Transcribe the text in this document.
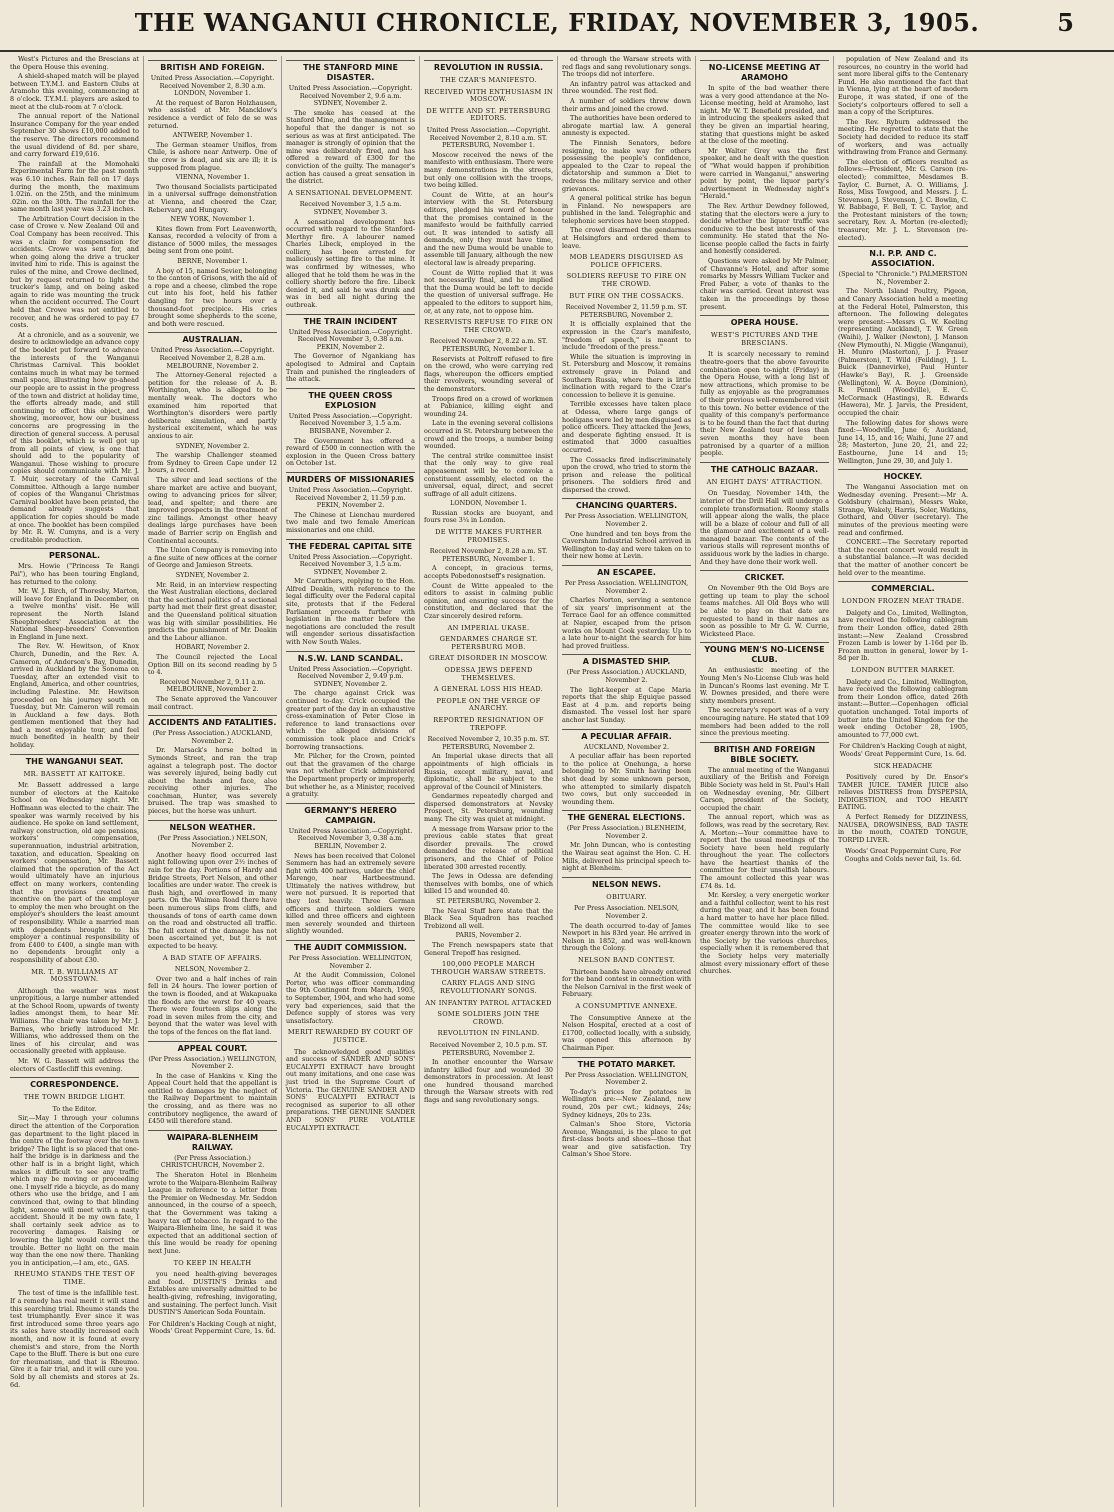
THE WANGANUI CHRONICLE, FRIDAY, NOVEMBER 3, 1905.	5

West's Pictures and the Brescians at the Opera House this evening.

A shield-shaped match will be played between T.Y.M.I. and Eastern Clubs at Aramoho this evening, commencing at 8 o'clock. T.Y.M.I. players are asked to meet at the club-room at 7 o'clock.

The annual report of the National Insurance Company for the year ended September 30 shows £10,000 added to the reserve. The directors recommend the usual dividend of 8d. per share, and carry forward £19,616.

The rainfall at the Momohaki Experimental Farm for the past month was 6.10 inches. Rain fell on 17 days during the month, the maximum 1.02in. on the 25th, and the minimum .02in. on the 30th. The rainfall for the same month last year was 3.23 inches.

The Arbitration Court decision in the case of Crowe v. New Zealand Oil and Coal Company has been received. This was a claim for compensation for accidents. Crowe was sent for, and when going along the drive a trucker invited him to ride. This is against the rules of the mine, and Crowe declined, but by request returned to light the trucker's lamp, and on being asked again to ride was mounting the truck when the accident occurred. The Court held that Crowe was not entitled to recover, and he was ordered to pay £7 costs.

At a chronicle, and as a souvenir, we desire to acknowledge an advance copy of the booklet put forward to advance the interests of the Wanganui Christmas Carnival. This booklet contains much in what may be termed small space, illustrating how go-ahead our people are to assist in the progress of the town and district at holiday time, the efforts already made, and still continuing to effect this object, and showing, moreover, how our business concerns are progressing in the direction of general success. A perusal of this booklet, which is well got up from all points of view, is one that should add to the popularity of Wanganui. Those wishing to procure copies should communicate with Mr. J. T. Muir, secretary of the Carnival Committee. Although a large number of copies of the Wanganui Christmas Carnival booklet have been printed, the demand already suggests that application for copies should be made at once. The booklet has been compiled by Mr. R. W. Cumyns, and is a very creditable production.

PERSONAL.

Mrs. Howie ("Princess Te Rangi Pai"), who has been touring England, has returned to the colony.

Mr. W. J. Birch, of Thoresby, Marton, will leave for England in December, on a twelve months' visit. He will represent the North Island Sheepbreeders' Association at the National Sheep-breeders' Convention in England in June next.

The Rev. W. Hewitson, of Knox Church, Dunedin, and the Rev. A. Cameron, of Anderson's Bay, Dunedin, arrived in Auckland by the Sonoma on Tuesday, after an extended visit to England, America, and other countries, including Palestine. Mr. Hewitson proceeded on his journey south on Tuesday, but Mr. Cameron will remain in Auckland a few days. Both gentlemen mentioned that they had had a most enjoyable tour, and feel much benefited in health by their holiday.

THE WANGANUI SEAT.
MR. BASSETT AT KAITOKE.

Mr. Bassett addressed a large number of electors at the Kaitoke School on Wednesday night. Mr. Hoffmann was elected to the chair. The speaker was warmly received by his audience. He spoke on land settlement, railway construction, old age pensions, workers' compensation, superannuation, industrial arbitration, taxation, and education. Speaking on workers' compensation, Mr. Bassett claimed that the operation of the Act would ultimately have an injurious effect on many workers, contending that the provisions created an incentive on the part of the employer to employ the men who brought on the employer's shoulders the least amount of responsibility. While a married man with dependents brought to his employer a continual responsibility of from £400 to £400, a single man with no dependents brought only a responsibility of about £30.

MR. T. B. WILLIAMS AT MOSSTOWN.

Although the weather was most unpropitious, a large number attended at the School Room, upwards of twenty ladies amongst them, to hear Mr. Williams. The chair was taken by Mr. J. Barnes, who briefly introduced Mr. Williams, who addressed them on the lines of his circular, and was occasionally greeted with applause.

Mr. W. G. Bassett will address the electors of Castlecliff this evening.

CORRESPONDENCE.
THE TOWN BRIDGE LIGHT.
To the Editor.

Sir,—May I through your columns direct the attention of the Corporation gas department to the light placed in the centre of the footway over the town bridge? The light is so placed that one-half the bridge is in darkness and the other half is in a bright light, which makes it difficult to see any traffic which may be moving or proceeding one. I myself ride a bicycle, as do many others who use the bridge, and I am convinced that, owing to that blinding light, someone will meet with a nasty accident. Should it be my own fate, I shall certainly seek advice as to recovering damages. Raising or lowering the light would correct the trouble. Better no light on the main way than the one now there. Thanking you in anticipation,—I am, etc., GAS.

RHEUMO STANDS THE TEST OF TIME.

The test of time is the infallible test. If a remedy has real merit it will stand this searching trial. Rheumo stands the test triumphantly. Ever since it was first introduced some three years ago its sales have steadily increased each month, and now it is found at every chemist's and store, from the North Cape to the Bluff. There is but one cure for rheumatism, and that is Rheumo. Give it a fair trial, and it will cure you. Sold by all chemists and stores at 2s. 6d.

BRITISH AND FOREIGN.
United Press Association.—Copyright. Received November 2, 8.30 a.m. LONDON, November 1.

At the request of Baron Holzhausen, who assisted at Mr. Mancklow's residence a verdict of felo de se was returned.

ANTWERP, November 1.

The German steamer Uniflos, from Chile, is ashore near Antwerp. One of the crew is dead, and six are ill; it is supposed from plague.

VIENNA, November 1.

Two thousand Socialists participated in a universal suffrage demonstration at Vienna, and cheered the Czar, Rebervary, and Hungary.

NEW YORK, November 1.

Kites flown from Fort Leavenworth, Kansas, recorded a velocity of from a distance of 5000 miles, the messages being sent from one point.

BERNE, November 1.

A boy of 15, named Sevier, belonging to the canton of Grisons, with the aid of a rope and a cheese, climbed the rope cut into his foot, held his father dangling for two hours over a thousand-foot precipice. His cries brought some shepherds to the scene, and both were rescued.

AUSTRALIAN.
United Press Association.—Copyright. Received November 2, 8.28 a.m. MELBOURNE, November 2.

The Attorney-General rejected a petition for the release of A. B. Worthington, who is alleged to be mentally weak. The doctors who examined him reported that Worthington's disorders were partly deliberate simulation, and partly hysterical excitement, which he was anxious to air.

SYDNEY, November 2.

The warship Challenger steamed from Sydney to Green Cape under 12 hours, a record.

The silver and lead sections of the share market are active and buoyant, owing to advancing prices for silver, lead, and spelter; and there are improved prospects in the treatment of zinc tailings. Amongst other heavy dealings large purchases have been made of Barrier scrip on English and Continental accounts.

The Union Company is removing into a fine suite of new offices at the corner of George and Jamieson Streets.

SYDNEY, November 2.

Mr. Reid, in an interview respecting the West Australian elections, declared that the sectional politics of a sectional party had met their first great disaster, and the Queensland political situation was big with similar possibilities. He predicts the punishment of Mr. Deakin and the Labour alliance.

HOBART, November 2.

The Council rejected the Local Option Bill on its second reading by 5 to 4.

Received November 2, 9.11 a.m. MELBOURNE, November 2.

The Senate approved the Vancouver mail contract.

ACCIDENTS AND FATALITIES.
(Per Press Association.) AUCKLAND, November 2.

Dr. Marsack's horse bolted in Symonds Street, and ran the trap against a telegraph post. The doctor was severely injured, being badly cut about the hands and face, also receiving other injuries. The coachman, Hunter, was severely bruised. The trap was smashed to pieces, but the horse was unhurt.

NELSON WEATHER.
(Per Press Association.) NELSON, November 2.

Another heavy flood occurred last night following upon over 2½ inches of rain for the day. Portions of Hardy and Bridge Streets, Port Nelson, and other localities are under water. The creek is flush high, and overflowed in many parts. On the Waimea Road there have been numerous slips from cliffs, and thousands of tons of earth came down on the road and obstructed all traffic. The full extent of the damage has not been ascertained yet, but it is not expected to be heavy.

A BAD STATE OF AFFAIRS.
NELSON, November 2.

Over two and a half inches of rain fell in 24 hours. The lower portion of the town is flooded, and at Wakapuaka the floods are the worst for 40 years. There were fourteen slips along the road in seven miles from the city, and beyond that the water was level with the tops of the fences on the flat land.

APPEAL COURT.
(Per Press Association.) WELLINGTON, November 2.

In the case of Hankins v. King the Appeal Court held that the appellant is entitled to damages by the neglect of the Railway Department to maintain the crossing, and as there was no contributory negligence, the award of £450 will therefore stand.

WAIPARA-BLENHEIM RAILWAY.
(Per Press Association.) CHRISTCHURCH, November 2.

The Sheraton Hotel in Blenheim wrote to the Waipara-Blenheim Railway League in reference to a letter from the Premier on Wednesday. Mr. Seddon announced, in the course of a speech, that the Government was taking a heavy tax off tobacco. In regard to the Waipara-Blenheim line, he said it was expected that an additional section of this line would be ready for opening next June.

TO KEEP IN HEALTH

you need health-giving beverages and food. DUSTIN'S Drinks and Extables are universally admitted to be health-giving, refreshing, invigorating, and sustaining. The perfect lunch. Visit DUSTIN'S American Soda Fountain.

For Children's Hacking Cough at night, Woods' Great Peppermint Cure, 1s. 6d.
THE STANFORD MINE DISASTER.
United Press Association.—Copyright. Received November 2, 9.6 a.m. SYDNEY, November 2.

The smoke has ceased at the Stanford Mine, and the management is hopeful that the danger is not so serious as was at first anticipated. The manager is strongly of opinion that the mine was deliberately fired, and has offered a reward of £300 for the conviction of the guilty. The manager's action has caused a great sensation in the district.

A SENSATIONAL DEVELOPMENT.
Received November 3, 1.5 a.m. SYDNEY, November 3.

A sensational development has occurred with regard to the Stanford-Merthyr fire. A labourer named Charles Libeck, employed in the colliery, has been arrested for maliciously setting fire to the mine. It was confirmed by witnesses, who alleged that he told them he was in the colliery shortly before the fire. Libeck denied it, and said he was drunk and was in bed all night during the outbreak.

THE TRAIN INCIDENT
United Press Association.—Copyright. Received November 3, 0.38 a.m. PEKIN, November 2.

The Governor of Ngankiang has apologised to Admiral and Captain Train and punished the ringleaders of the attack.

THE QUEEN CROSS EXPLOSION
United Press Association.—Copyright. Received November 3, 1.5 a.m. BRISBANE, November 2.

The Government has offered a reward of £500 in connection with the explosion in the Queen Cross battery on October 1st.

MURDERS OF MISSIONARIES
United Press Association.—Copyright. Received November 2, 11.59 p.m. PEKIN, November 2.

The Chinese at Lienchau murdered two male and two female American missionaries and one child.

THE FEDERAL CAPITAL SITE
United Press Association.—Copyright. Received November 3, 1.5 a.m. SYDNEY, November 2.

Mr Carruthers, replying to the Hon. Alfred Deakin, with reference to the legal difficulty over the Federal capital site, protests that if the Federal Parliament proceeds further with legislation in the matter before the negotiations are concluded the result will engender serious dissatisfaction with New South Wales.

N.S.W. LAND SCANDAL.
United Press Association.—Copyright. Received November 2, 9.49 p.m. SYDNEY, November 2.

The charge against Crick was continued to-day. Crick occupied the greater part of the day in an exhaustive cross-examination of Peter Close in reference to land transactions over which the alleged divisions of commission took place and Crick's borrowing transactions.

Mr. Pilcher, for the Crown, pointed out that the gravamen of the charge was not whether Crick administered the Department properly or improperly, but whether he, as a Minister, received a gratuity.

GERMANY'S HERERO CAMPAIGN.
United Press Association.—Copyright. Received November 3, 0.38 a.m. BERLIN, November 2.

News has been received that Colonel Semmern has had an extremely severe fight with 400 natives, under the chief Marengo, near Hartbeestmund. Ultimately the natives withdrew, but were not pursued. It is reported that they lost heavily. Three German officers and thirteen soldiers were killed and three officers and eighteen men severely wounded and thirteen slightly wounded.

THE AUDIT COMMISSION.
Per Press Association. WELLINGTON, November 2.

At the Audit Commission, Colonel Porter, who was officer commanding the 9th Contingent from March, 1903, to September, 1904, and who had some very bad experiences, said that the Defence supply of stores was very unsatisfactory.

MERIT REWARDED BY COURT OF JUSTICE.

The acknowledged good qualities and success of SANDER AND SONS' EUCALYPTI EXTRACT have brought out many imitations, and one case was just tried in the Supreme Court of Victoria. The GENUINE SANDER AND SONS' EUCALYPTI EXTRACT is recognised as superior to all other preparations. THE GENUINE SANDER AND SONS' PURE VOLATILE EUCALYPTI EXTRACT.

REVOLUTION IN RUSSIA.
THE CZAR'S MANIFESTO.
RECEIVED WITH ENTHUSIASM IN MOSCOW.
DE WITTE AND ST. PETERSBURG EDITORS.
United Press Association.—Copyright. Received November 2, 8.10 a.m. ST. PETERSBURG, November 1.

Moscow received the news of the manifesto with enthusiasm. There were many demonstrations in the streets, but only one collision with the troops, two being killed.

Count de Witte, at an hour's interview with the St. Petersburg editors, pledged his word of honour that the promises contained in the manifesto would be faithfully carried out. It was intended to satisfy all demands, only they must have time, and the new Duma would be unable to assemble till January, although the new electoral law is already preparing.

Count de Witte replied that it was not necessarily final, and he implied that the Duma would be left to decide the question of universal suffrage. He appealed to the editors to support him, or, at any rate, not to oppose him.

RESERVISTS REFUSE TO FIRE ON THE CROWD.
Received November 2, 8.22 a.m. ST. PETERSBURG, November 1.

Reservists at Poltroff refused to fire on the crowd, who were carrying red flags, whereupon the officers emptied their revolvers, wounding several of the demonstrators.

Troops fired on a crowd of workmen at Pabianice, killing eight and wounding 24.

Late in the evening several collisions occurred in St. Petersburg between the crowd and the troops, a number being wounded.

The central strike committee insist that the only way to give real appeasement will be to convoke a constituent assembly, elected on the universal, equal, direct, and secret suffrage of all adult citizens.

LONDON, November 1.

Russian stocks are buoyant, and fours rose 3¼ in London.

DE WITTE MAKES FURTHER PROMISES.
Received November 2, 8.28 a.m. ST. PETERSBURG, November 1.

A concept, in gracious terms, accepts Pobedonostseff's resignation.

Count de Witte appealed to the editors to assist in calming public opinion, and ensuring success for the constitution, and declared that the Czar sincerely desired reform.

AN IMPERIAL UKASE.
GENDARMES CHARGE ST. PETERSBURG MOB.
GREAT DISORDER IN MOSCOW.
ODESSA JEWS DEFEND THEMSELVES.
A GENERAL LOSS HIS HEAD.
PEOPLE ON THE VERGE OF ANARCHY.
REPORTED RESIGNATION OF TREPOFF.
Received November 2, 10.35 p.m. ST. PETERSBURG, November 2.

An Imperial ukase directs that all appointments of high officials in Russia, except military, naval, and diplomatic, shall be subject to the approval of the Council of Ministers.

Gendarmes repeatedly charged and dispersed demonstrators at Nevsky Prospect, St. Petersburg, wounding many. The city was quiet at midnight.

A message from Warsaw prior to the previous cable states that great disorder prevails. The crowd demanded the release of political prisoners, and the Chief of Police liberated 300 arrested recently.

The Jews in Odessa are defending themselves with bombs, one of which killed 15 and wounded 40.

ST. PETERSBURG, November 2.

The Naval Staff here state that the Black Sea Squadron has reached Trebizond all well.

PARIS, November 2.

The French newspapers state that General Trepoff has resigned.

100,000 PEOPLE MARCH THROUGH WARSAW STREETS.
CARRY FLAGS AND SING REVOLUTIONARY SONGS.
AN INFANTRY PATROL ATTACKED
SOME SOLDIERS JOIN THE CROWD.
REVOLUTION IN FINLAND.
Received November 2, 10.5 p.m. ST. PETERSBURG, November 2.

In another encounter the Warsaw infantry killed four and wounded 30 demonstrators in procession. At least one hundred thousand marched through the Warsaw streets with red flags and sang revolutionary songs.

ed through the Warsaw streets with red flags and sang revolutionary songs. The troops did not interfere.

An infantry patrol was attacked and three wounded. The rest fled.

A number of soldiers threw down their arms and joined the crowd.

The authorities have been ordered to abrogate martial law. A general amnesty is expected.

The Finnish Senators, before resigning, to make way for others possessing the people's confidence, appealed to the Czar to repeal the dictatorship and summon a Diet to redress the military service and other grievances.

A general political strike has begun in Finland. No newspapers are published in the land. Telegraphic and telephonic services have been stopped.

The crowd disarmed the gendarmes at Helsingfors and ordered them to leave.

MOB LEADERS DISGUISED AS POLICE OFFICERS.
SOLDIERS REFUSE TO FIRE ON THE CROWD.
BUT FIRE ON THE COSSACKS.
Received November 2, 11.59 p.m. ST. PETERSBURG, November 2.

It is officially explained that the expression in the Czar's manifesto, "freedom of speech," is meant to include "freedom of the press."

While the situation is improving in St. Petersburg and Moscow, it remains extremely grave in Poland and Southern Russia, where there is little inclination with regard to the Czar's concession to believe it is genuine.

Terrible excesses have taken place at Odessa, where large gangs of hooligans were led by men disguised as police officers. They attacked the Jews, and desperate fighting ensued. It is estimated that 3000 casualties occurred.

The Cossacks fired indiscriminately upon the crowd, who tried to storm the prison and release the political prisoners. The soldiers fired and dispersed the crowd.

CHANCING QUARTERS.
Per Press Association. WELLINGTON, November 2.

One hundred and ten boys from the Caversham Industrial School arrived in Wellington to-day and were taken on to their new home at Levin.

AN ESCAPEE.
Per Press Association. WELLINGTON, November 2.

Charles Norton, serving a sentence of six years' imprisonment at the Terrace Gaol for an offence committed at Napier, escaped from the prison works on Mount Cook yesterday. Up to a late hour to-night the search for him had proved fruitless.

A DISMASTED SHIP.
(Per Press Association.) AUCKLAND, November 2.

The light-keeper at Cape Maria reports that the ship Equique passed East at 4 p.m. and reports being dismasted. The vessel lost her spare anchor last Sunday.

A PECULIAR AFFAIR.
AUCKLAND, November 2.

A peculiar affair has been reported to the police at Onehunga, a horse belonging to Mr. Smith having been shot dead by some unknown person, who attempted to similarly dispatch two cows, but only succeeded in wounding them.

THE GENERAL ELECTIONS.
(Per Press Association.) BLENHEIM, November 2.

Mr. John Duncan, who is contesting the Wairau seat against the Hon. C. H. Mills, delivered his principal speech to-night at Blenheim.

NELSON NEWS.
OBITUARY.
Per Press Association. NELSON, November 2.

The death occurred to-day of James Newport in his 83rd year. He arrived in Nelson in 1852, and was well-known through the Colony.

NELSON BAND CONTEST.

Thirteen bands have already entered for the band contest in connection with the Nelson Carnival in the first week of February.

A CONSUMPTIVE ANNEXE.

The Consumptive Annexe at the Nelson Hospital, erected at a cost of £1700, collected locally, with a subsidy, was opened this afternoon by Chairman Piper.

THE POTATO MARKET.
Per Press Association. WELLINGTON, November 2.

To-day's prices for potatoes in Wellington are:—New Zealand, new round, 20s per cwt.; kidneys, 24s; Sydney kidneys, 20s to 23s.

Calman's Shoe Store, Victoria Avenue, Wanganui, is the place to get first-class boots and shoes—those that wear and give satisfaction. Try Calman's Shoe Store.

NO-LICENSE MEETING AT ARAMOHO

In spite of the bad weather there was a very good attendance at the No-License meeting, held at Aramoho, last night. Mr W. T. Benefield presided, and in introducing the speakers asked that they be given an impartial hearing, stating that questions might be asked at the close of the meeting.

Mr Walter Grey was the first speaker, and he dealt with the question of "What would happen if prohibition were carried in Wanganui," answering point by point, the liquor party's advertisement in Wednesday night's "Herald."

The Rev. Arthur Dewdney followed, stating that the electors were a jury to decide whether the liquor traffic was conducive to the best interests of the community. He stated that the No-license people called the facts in fairly and honestly considered.

Questions were asked by Mr Palmer, of Chavanne's Hotel, and after some remarks by Messrs William Tucker and Fred Faber, a vote of thanks to the chair was carried. Great interest was taken in the proceedings by those present.

OPERA HOUSE.
WEST'S PICTURES AND THE BRESCIANS.

It is scarcely necessary to remind theatre-goers that the above favourite combination open to-night (Friday) in the Opera House, with a long list of new attractions, which promise to be fully as enjoyable as the programmes of their previous well-remembered visit to this town. No better evidence of the quality of this company's performance is to be found than the fact that during their New Zealand tour of less than seven months they have been patronised by a quarter of a million people.

THE CATHOLIC BAZAAR.
AN EIGHT DAYS' ATTRACTION.

On Tuesday, November 14th, the interior of the Drill Hall will undergo a complete transformation. Roomy stalls will appear along the walls, the place will be a blaze of colour and full of all the glamour and excitement of a well-managed bazaar. The contents of the various stalls will represent months of assiduous work by the ladies in charge. And they have done their work well.

CRICKET.

On November 9th the Old Boys are getting up team to play the school teams matches. All Old Boys who will be able to play on that date are requested to hand in their names as soon as possible to Mr G. W. Currie, Wicksteed Place.

YOUNG MEN'S NO-LICENSE CLUB.

An enthusiastic meeting of the Young Men's No-License Club was held in Duncan's Rooms last evening. Mr T. W. Downes presided, and there were sixty members present.

The secretary's report was of a very encouraging nature. He stated that 109 members had been added to the roll since the previous meeting.

BRITISH AND FOREIGN BIBLE SOCIETY.

The annual meeting of the Wanganui auxiliary of the British and Foreign Bible Society was held in St. Paul's Hall on Wednesday evening, Mr. Gilbert Carson, president of the Society, occupied the chair.

The annual report, which was as follows, was read by the secretary, Rev. A. Morton:—Your committee have to report that the usual meetings of the Society have been held regularly throughout the year. The collectors have the heartiest thanks of the committee for their unselfish labours. The amount collected this year was £74 8s. 1d.

Mr. Kersley, a very energetic worker and a faithful collector, went to his rest during the year, and it has been found a hard matter to have her place filled. The committee would like to see greater energy thrown into the work of the Society by the various churches, especially when it is remembered that the Society helps very materially almost every missionary effort of these churches.

population of New Zealand and its resources, no country in the world had sent more liberal gifts to the Centenary Fund. He also mentioned the fact that in Vienna, lying at the heart of modern Europe, it was stated, if one of the Society's colporteurs offered to sell a man a copy of the Scriptures.

The Rev. Ryburn addressed the meeting. He regretted to state that the Society had decided to reduce its staff of workers, and was actually withdrawing from France and Germany.

The election of officers resulted as follows:—President, Mr. G. Carson (re-elected); committee, Mesdames B. Taylor, C. Burnet, A. O. Williams, J. Ross, Miss Towgood, and Messrs. J. L. Stevenson, J. Stevenson, J. C. Bowlin, C. W. Babbage, F. Bell, T. C. Taylor, and the Protestant ministers of the town; secretary, Rev. A. Morton (re-elected); treasurer, Mr. J. L. Stevenson (re-elected).

N.I. P.P. AND C. ASSOCIATION.
(Special to "Chronicle.") PALMERSTON N., November 2.

The North Island Poultry, Pigeon, and Canary Association held a meeting at the Federal Hotel, Palmerston, this afternoon. The following delegates were present:—Messrs G. W. Keeling (representing Auckland), T. W. Green (Waihi), J. Walker (Newton), J. Manson (New Plymouth), N. Miggie (Wanganui), H. Munro (Masterton), J. J. Fraser (Palmerston), T. Wild (Feilding), J. L. Buick (Dannevirke), Paul Hunter (Hawke's Bay), R. J. Greenside (Wellington), W. A. Boyce (Dominion), R. Pennell (Woodville), E. C. McCormack (Hastings), R. Edwards (Hawera), Mr. J. Jarvis, the President, occupied the chair.

The following dates for shows were fixed:—Woodville, June 6; Auckland, June 14, 15, and 16; Waihi, June 27 and 28; Masterton, June 20, 21, and 22; Eastbourne, June 14 and 15; Wellington, June 29, 30, and July 1.

HOCKEY.

The Wanganui Association met on Wednesday evening. Present:—Mr A. Goldsbury (chairman), Messrs Wake, Strange, Wakely, Harris, Soler, Watkins, Gothard, and Oliver (secretary). The minutes of the previous meeting were read and confirmed.

CONCERT.—The Secretary reported that the recent concert would result in a substantial balance.—It was decided that the matter of another concert be held over to the meantime.

COMMERCIAL.
LONDON FROZEN MEAT TRADE.

Dalgety and Co., Limited, Wellington, have received the following cablegram from their London office, dated 28th instant:—New Zealand Crossbred Frozen Lamb is lower by 1-16d per lb. Frozen mutton in general, lower by 1-8d per lb.

LONDON BUTTER MARKET.

Dalgety and Co., Limited, Wellington, have received the following cablegram from their London office, dated 26th instant:—Butter.—Copenhagen official quotation unchanged. Total imports of butter into the United Kingdom for the week ending October 28, 1905, amounted to 77,000 cwt.

For Children's Hacking Cough at night, Woods' Great Peppermint Cure, 1s. 6d.
SICK HEADACHE

Positively cured by Dr. Ensor's TAMER JUICE. TAMER JUICE also relieves DISTRESS from DYSPEPSIA, INDIGESTION, and TOO HEARTY EATING.

A Perfect Remedy for DIZZINESS, NAUSEA, DROWSINESS, BAD TASTE in the mouth, COATED TONGUE, TORPID LIVER.

Woods' Great Peppermint Cure, For Coughs and Colds never fail, 1s. 6d.
